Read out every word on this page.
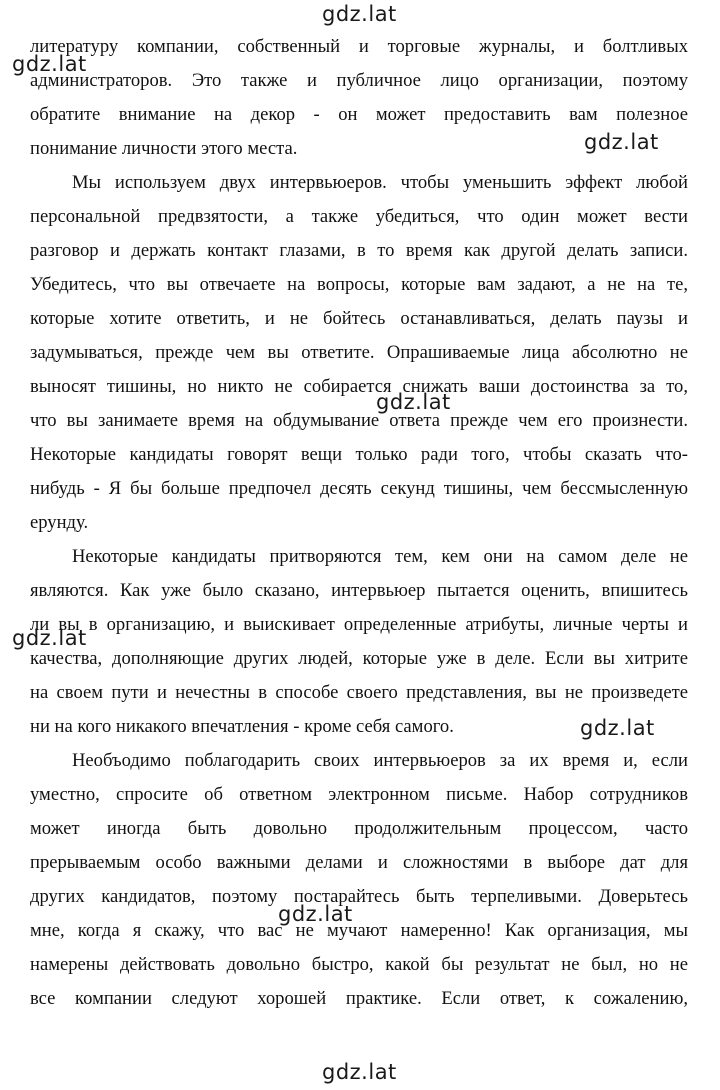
gdz.lat
gdz.lat
gdz.lat
gdz.lat
gdz.lat
gdz.lat
gdz.lat
gdz.lat
литературу компании, собственный и торговые журналы, и болтливых
администраторов. Это также и публичное лицо организации, поэтому
обратите внимание на декор - он может предоставить вам полезное
понимание личности этого места.
Мы используем двух интервьюеров. чтобы уменьшить эффект любой
персональной предвзятости, а также убедиться, что один может вести
разговор и держать контакт глазами, в то время как другой делать записи.
Убедитесь, что вы отвечаете на вопросы, которые вам задают, а не на те,
которые хотите ответить, и не бойтесь останавливаться, делать паузы и
задумываться, прежде чем вы ответите. Опрашиваемые лица абсолютно не
выносят тишины, но никто не собирается снижать ваши достоинства за то,
что вы занимаете время на обдумывание ответа прежде чем его произнести.
Некоторые кандидаты говорят вещи только ради того, чтобы сказать что-
нибудь - Я бы больше предпочел десять секунд тишины, чем бессмысленную
ерунду.
Некоторые кандидаты притворяются тем, кем они на самом деле не
являются. Как уже было сказано, интервьюер пытается оценить, впишитесь
ли вы в организацию, и выискивает определенные атрибуты, личные черты и
качества, дополняющие других людей, которые уже в деле. Если вы хитрите
на своем пути и нечестны в способе своего представления, вы не произведете
ни на кого никакого впечатления - кроме себя самого.
Необъодимо поблагодарить своих интервьюеров за их время и, если
уместно, спросите об ответном электронном письме. Набор сотрудников
может иногда быть довольно продолжительным процессом, часто
прерываемым особо важными делами и сложностями в выборе дат для
других кандидатов, поэтому постарайтесь быть терпеливыми. Доверьтесь
мне, когда я скажу, что вас не мучают намеренно! Как организация, мы
намерены действовать довольно быстро, какой бы результат не был, но не
все компании следуют хорошей практике. Если ответ, к сожалению,
